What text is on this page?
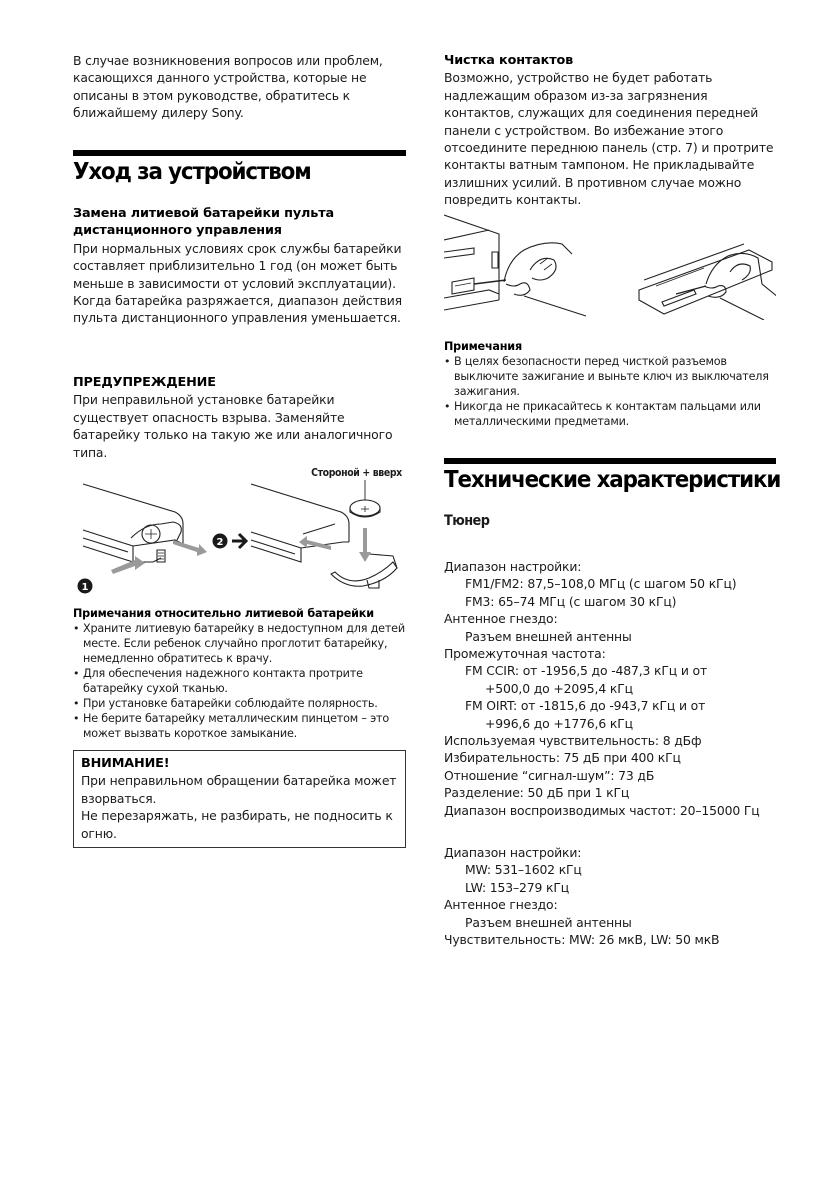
В случае возникновения вопросов или проблем, касающихся данного устройства, которые не описаны в этом руководстве, обратитесь к ближайшему дилеру Sony.
Уход за устройством
Замена литиевой батарейки пульта дистанционного управления
При нормальных условиях срок службы батарейки составляет приблизительно 1 год (он может быть меньше в зависимости от условий эксплуатации).
Когда батарейка разряжается, диапазон действия пульта дистанционного управления уменьшается.
ПРЕДУПРЕЖДЕНИЕ
При неправильной установке батарейки существует опасность взрыва. Заменяйте батарейку только на такую же или аналогичного типа.
Стороной + вверх
1
2
Примечания относительно литиевой батарейки
• Храните литиевую батарейку в недоступном для детей месте. Если ребенок случайно проглотит батарейку, немедленно обратитесь к врачу.
• Для обеспечения надежного контакта протрите батарейку сухой тканью.
• При установке батарейки соблюдайте полярность.
• Не берите батарейку металлическим пинцетом – это может вызвать короткое замыкание.
ВНИМАНИЕ!
При неправильном обращении батарейка может взорваться.
Не перезаряжать, не разбирать, не подносить к огню.
Чистка контактов
Возможно, устройство не будет работать надлежащим образом из-за загрязнения контактов, служащих для соединения передней панели с устройством. Во избежание этого отсоедините переднюю панель (стр. 7) и протрите контакты ватным тампоном. Не прикладывайте излишних усилий. В противном случае можно повредить контакты.
Примечания
• В целях безопасности перед чисткой разъемов выключите зажигание и выньте ключ из выключателя зажигания.
• Никогда не прикасайтесь к контактам пальцами или металлическими предметами.
Технические характеристики
Тюнер
Диапазон настройки:
FM1/FM2: 87,5–108,0 МГц (с шагом 50 кГц)
FM3: 65–74 МГц (с шагом 30 кГц)
Антенное гнездо:
Разъем внешней антенны
Промежуточная частота:
FM CCIR: от -1956,5 до -487,3 кГц и от
+500,0 до +2095,4 кГц
FM OIRT: от -1815,6 до -943,7 кГц и от
+996,6 до +1776,6 кГц
Используемая чувствительность: 8 дБф
Избирательность: 75 дБ при 400 кГц
Отношение “сигнал-шум”: 73 дБ
Разделение: 50 дБ при 1 кГц
Диапазон воспроизводимых частот: 20–15000 Гц
Диапазон настройки:
MW: 531–1602 кГц
LW: 153–279 кГц
Антенное гнездо:
Разъем внешней антенны
Чувствительность: MW: 26 мкВ, LW: 50 мкВ
